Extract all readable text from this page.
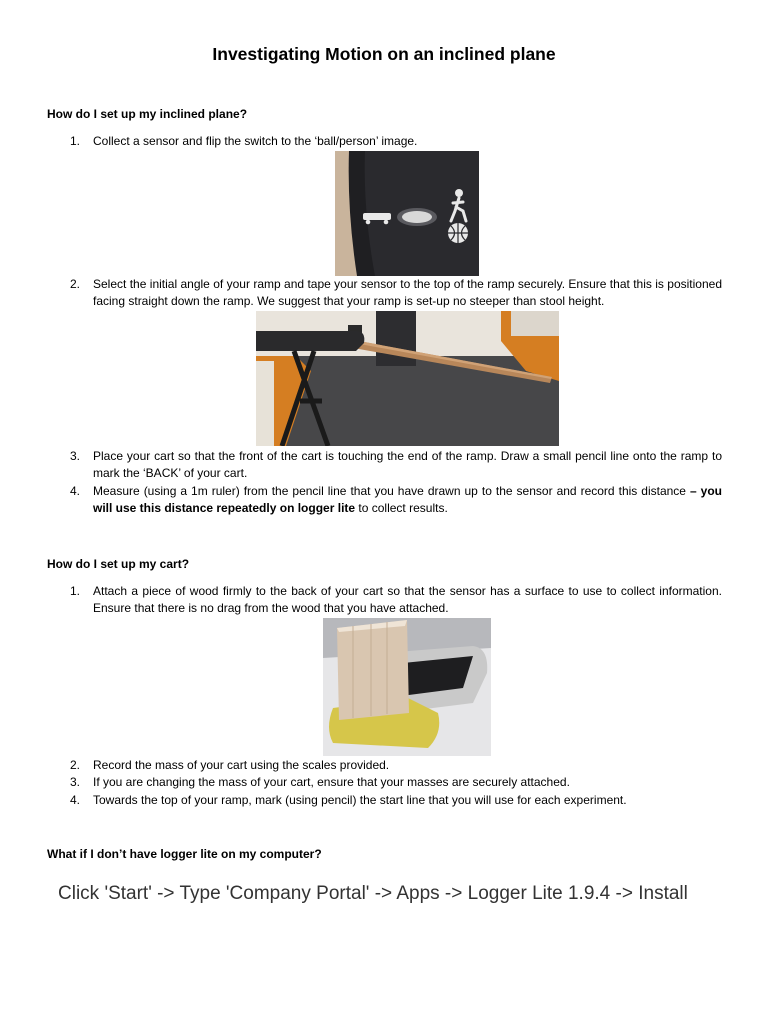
Investigating Motion on an inclined plane
How do I set up my inclined plane?
1. Collect a sensor and flip the switch to the ‘ball/person’ image.
2. Select the initial angle of your ramp and tape your sensor to the top of the ramp securely. Ensure that this is positioned facing straight down the ramp. We suggest that your ramp is set-up no steeper than stool height.
3. Place your cart so that the front of the cart is touching the end of the ramp. Draw a small pencil line onto the ramp to mark the ‘BACK’ of your cart.
4. Measure (using a 1m ruler) from the pencil line that you have drawn up to the sensor and record this distance – you will use this distance repeatedly on logger lite to collect results.
How do I set up my cart?
1. Attach a piece of wood firmly to the back of your cart so that the sensor has a surface to use to collect information. Ensure that there is no drag from the wood that you have attached.
2. Record the mass of your cart using the scales provided.
3. If you are changing the mass of your cart, ensure that your masses are securely attached.
4. Towards the top of your ramp, mark (using pencil) the start line that you will use for each experiment.
What if I don’t have logger lite on my computer?
Click 'Start' -> Type 'Company Portal' -> Apps -> Logger Lite 1.9.4 -> Install
